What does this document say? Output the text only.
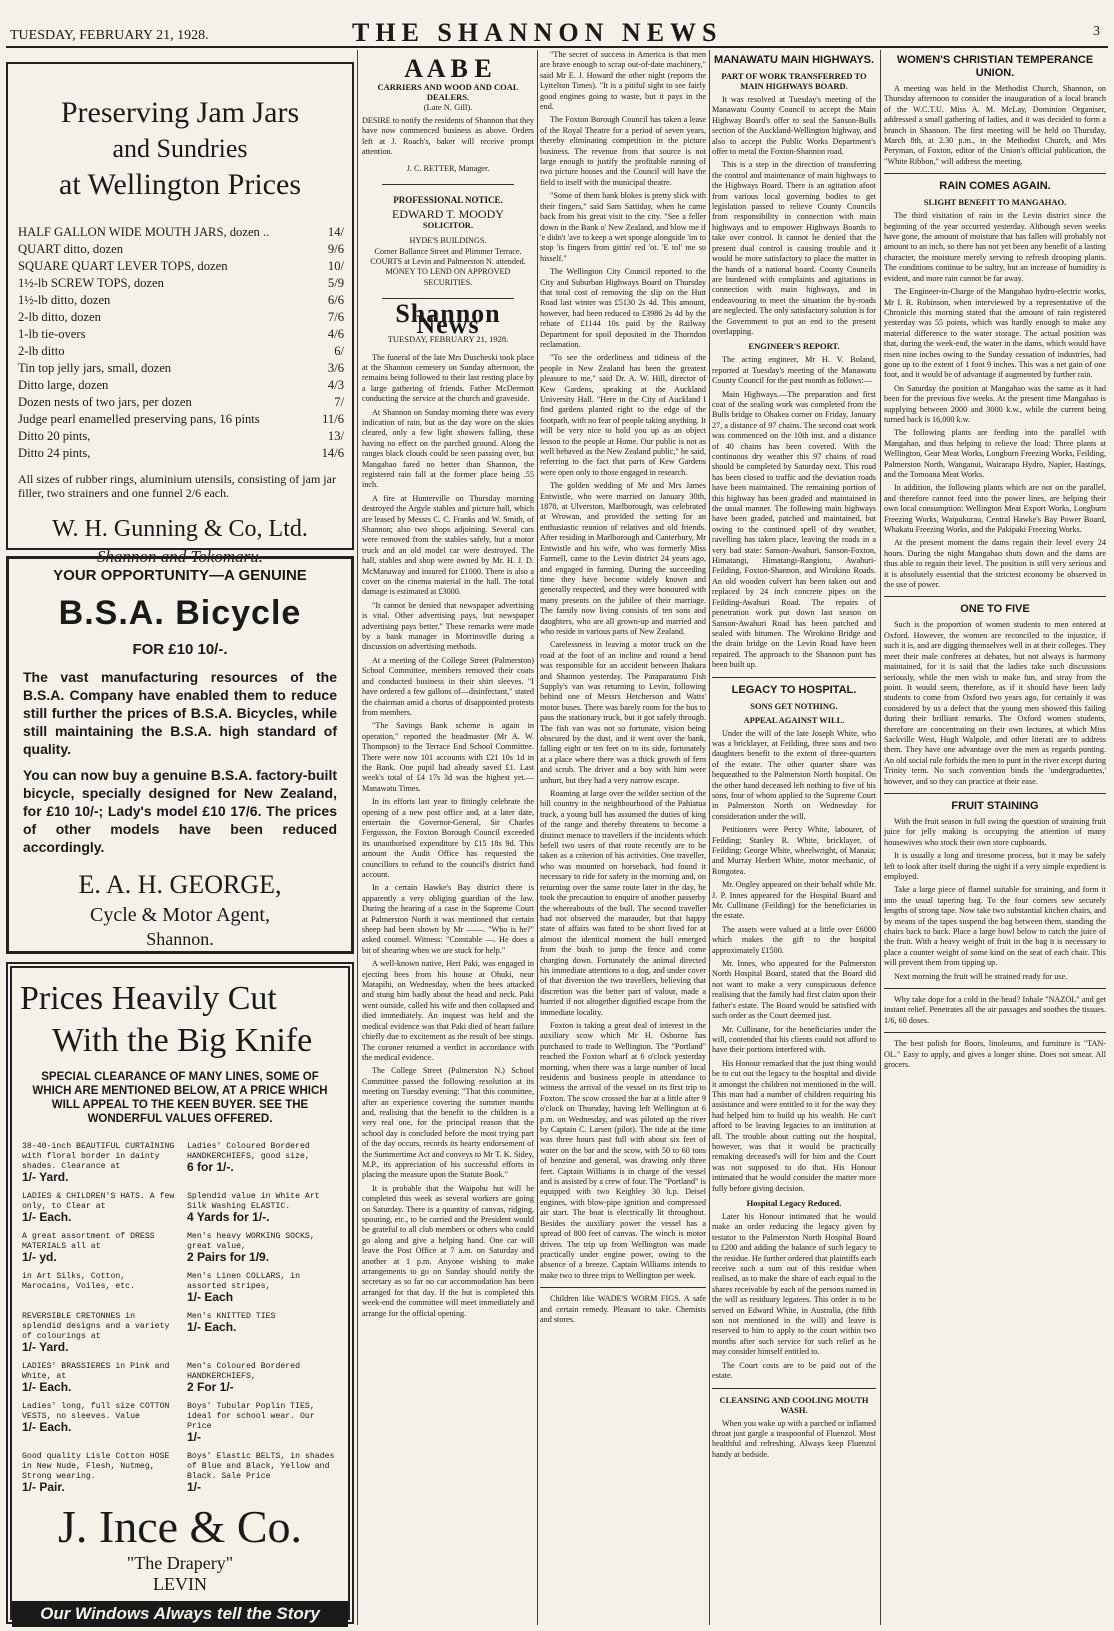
TUESDAY, FEBRUARY 21, 1928.	THE SHANNON NEWS	3
Preserving Jam Jars
and Sundries
at Wellington Prices
HALF GALLON WIDE MOUTH JARS, dozen ..	14/
QUART ditto, dozen	9/6
SQUARE QUART LEVER TOPS, dozen	10/
1½-lb SCREW TOPS, dozen	5/9
1½-lb ditto, dozen	6/6
2-lb ditto, dozen	7/6
1-lb tie-overs	4/6
2-lb ditto	6/
Tin top jelly jars, small, dozen	3/6
Ditto large, dozen	4/3
Dozen nests of two jars, per dozen	7/
Judge pearl enamelled preserving pans, 16 pints	11/6
Ditto 20 pints,	13/
Ditto 24 pints,	14/6
All sizes of rubber rings, aluminium utensils, consisting of jam jar filler, two strainers and one funnel 2/6 each.
W. H. Gunning & Co, Ltd.
Shannon and Tokomaru.
YOUR OPPORTUNITY—A GENUINE
B.S.A. Bicycle
FOR £10 10/-.
The vast manufacturing resources of the B.S.A. Company have enabled them to reduce still further the prices of B.S.A. Bicycles, while still maintaining the B.S.A. high standard of quality.
You can now buy a genuine B.S.A. factory-built bicycle, specially designed for New Zealand, for £10 10/-; Lady's model £10 17/6. The prices of other models have been reduced accordingly.
E. A. H. GEORGE,
Cycle & Motor Agent,
Shannon.
Prices Heavily Cut
With the Big Knife
SPECIAL CLEARANCE OF MANY LINES, SOME OF WHICH ARE MENTIONED BELOW, AT A PRICE WHICH WILL APPEAL TO THE KEEN BUYER. SEE THE WONDERFUL VALUES OFFERED.
38-40-inch BEAUTIFUL CURTAINING with floral border in dainty shades. Clearance at
1/- Yard.
Ladies' Coloured Bordered HANDKERCHIEFS, good size,
6 for 1/-.
LADIES & CHILDREN'S HATS. A few only, to Clear at
1/- Each.
Splendid value in White Art Silk Washing ELASTIC.
4 Yards for 1/-.
A great assortment of DRESS MATERIALS all at
1/- yd.
Men's heavy WORKING SOCKS, great value,
2 Pairs for 1/9.
in Art Silks, Cotton, Marocains, Voiles, etc.
Men's Linen COLLARS, in assorted stripes,
1/- Each
REVERSIBLE CRETONNES in splendid designs and a variety of colourings at
1/- Yard.
Men's KNITTED TIES
1/- Each.
LADIES' BRASSIERES in Pink and White, at
1/- Each.
Men's Coloured Bordered HANDKERCHIEFS,
2 For 1/-
Ladies' long, full size COTTON VESTS, no sleeves. Value
1/- Each.
Boys' Tubular Poplin TIES, ideal for school wear. Our Price
1/-
Good quality Lisle Cotton HOSE in New Nude, Flesh, Nutmeg, Strong wearing.
1/- Pair.
Boys' Elastic BELTS, in shades of Blue and Black, Yellow and Black. Sale Price
1/-
J. Ince & Co.
"The Drapery"
LEVIN
Our Windows Always tell the Story
A A B E
CARRIERS AND WOOD AND COAL DEALERS.
(Late N. Gill).
DESIRE to notify the residents of Shannon that they have now commenced business as above. Orders left at J. Roach's, baker will receive prompt attention.
J. C. RETTER, Manager.
PROFESSIONAL NOTICE.
EDWARD T. MOODY
SOLICITOR.
HYDE'S BUILDINGS.
Corner Ballance Street and Plimmer Terrace.
COURTS at Levin and Palmerston N. attended.
MONEY TO LEND ON APPROVED SECURITIES.
Shannon News
TUESDAY, FEBRUARY 21, 1928.

The funeral of the late Mrs Duscheski took place at the Shannon cemetery on Sunday afternoon, the remains being followed to their last resting place by a large gathering of friends. Father McDermott conducting the service at the church and graveside.

At Shannon on Sunday morning there was every indication of rain, but as the day wore on the skies cleared, only a few light showers falling, these having no effect on the parched ground. Along the ranges black clouds could be seen passing over, but Mangahao fared no better than Shannon, the registered rain fall at the former place being .55 inch.

A fire at Hunterville on Thursday morning destroyed the Argyle stables and picture hall, which are leased by Messrs C. C. Franks and W. Smith, of Shannon; also two shops adjoining. Several cars were removed from the stables safely, but a motor truck and an old model car were destroyed. The hall, stables and shop were owned by Mr. H. J. D. McManaway and insured for £1000. There is also a cover on the cinema material in the hall. The total damage is estimated at £3000.

"It cannot be denied that newspaper advertising is vital. Other advertising pays, but newspaper advertising pays better." These remarks were made by a bank manager in Morrinsville during a discussion on advertising methods.

At a meeting of the College Street (Palmerston) School Committee, members removed their coats and conducted business in their shirt sleeves. "I have ordered a few gallons of—disinfectant," stated the chairman amid a chorus of disappointed protests from members.

"The Savings Bank scheme is again in operation," reported the headmaster (Mr A. W. Thompson) to the Terrace End School Committee. There were now 101 accounts with £21 10s 1d in the Bank. One pupil had already saved £1. Last week's total of £4 17s 3d was the highest yet.—Manawatu Times.

In its efforts last year to fittingly celebrate the opening of a new post office and, at a later date, entertain the Governor-General, Sir Charles Fergusson, the Foxton Borough Council exceeded its unauthorised expenditure by £15 18s 9d. This amount the Audit Office has requested the councillors to refund to the council's district fund account.

In a certain Hawke's Bay district there is apparently a very obliging guardian of the law. During the hearing of a case in the Supreme Court at Palmerston North it was mentioned that certain sheep had been shown by Mr ——. "Who is he?" asked counsel. Witness: "Constable —. He does a bit of shearing when we are stuck for help."

A well-known native, Heri Paki, was engaged in ejecting bees from his house at Ohuki, near Matapihi, on Wednesday, when the bees attacked and stung him badly about the head and neck. Paki went outside, called his wife and then collapsed and died immediately. An inquest was held and the medical evidence was that Paki died of heart failure chiefly due to excitement as the result of bee stings. The coroner returned a verdict in accordance with the medical evidence.

The College Street (Palmerston N.) School Committee passed the following resolution at its meeting on Tuesday evening: "That this committee, after an experience covering the summer months and, realising that the benefit to the children is a very real one, for the principal reason that the school day is concluded before the most trying part of the day occurs, records its hearty endorsement of the Summertime Act and conveys to Mr T. K. Sidey, M.P., its appreciation of his successful efforts in placing the measure upon the Statute Book."

It is probable that the Waipohu hut will be completed this week as several workers are going on Saturday. There is a quantity of canvas, ridging, spouting, etc., to be carried and the President would be grateful to all club members or others who could go along and give a helping hand. One car will leave the Post Office at 7 a.m. on Saturday and another at 1 p.m. Anyone wishing to make arrangements to go on Sunday should notify the secretary as so far no car accommodation has been arranged for that day. If the hut is completed this week-end the committee will meet immediately and arrange for the official opening.

"The secret of success in America is that men are brave enough to scrap out-of-date machinery," said Mr E. J. Howard the other night (reports the Lyttelton Times). "It is a pitiful sight to see fairly good engines going to waste, but it pays in the end.

The Foxton Borough Council has taken a lease of the Royal Theatre for a period of seven years, thereby eliminating competition in the picture business. The revenue from that source is not large enough to justify the profitable running of two picture houses and the Council will have the field to itself with the municipal theatre.

"Some of them bank blokes is pretty slick with their fingers," said Sam Sattiday, when he came back from his great visit to the city. "See a feller down in the Bank o' New Zealand, and blow me if 'e didn't 'ave to keep a wet sponge alongside 'im to stop 'is fingers from gittin' red 'ot. 'E tol' me so hisself."

The Wellington City Council reported to the City and Suburban Highways Board on Thursday that total cost of removing the slip on the Hutt Road last winter was £5130 2s 4d. This amount, however, had been reduced to £3986 2s 4d by the rebate of £1144 10s paid by the Railway Department for spoil deposited in the Thorndon reclamation.

"To see the orderliness and tidiness of the people in New Zealand has been the greatest pleasure to me," said Dr. A. W. Hill, director of Kew Gardens, speaking at the Auckland University Hall. "Here in the City of Auckland I find gardens planted right to the edge of the footpath, with no fear of people taking anything. It will be very nice to hold you up as an object lesson to the people at Home. Our public is not as well behaved as the New Zealand public," he said, referring to the fact that parts of Kew Gardens were open only to those engaged in research.

The golden wedding of Mr and Mrs James Entwistle, who were married on January 30th, 1878, at Ulverston, Marlborough, was celebrated at Wrowan, and provided the setting for an enthusiastic reunion of relatives and old friends. After residing in Marlborough and Canterbury, Mr Entwistle and his wife, who was formerly Miss Farmell, came to the Levin district 24 years ago, and engaged in farming. During the succeeding time they have become widely known and generally respected, and they were honoured with many presents on the jubilee of their marriage. The family now living consists of ten sons and daughters, who are all grown-up and married and who reside in various parts of New Zealand.

Carelessness in leaving a motor truck on the road at the foot of an incline and round a bend was responsible for an accident between Ihakara and Shannon yesterday. The Paraparaumu Fish Supply's van was returning to Levin, following behind one of Messrs Hetcherson and Watts' motor buses. There was barely room for the bus to pass the stationary truck, but it got safely through. The fish van was not so fortunate, vision being obscured by the dust, and it went over the bank, falling eight or ten feet on to its side, fortunately at a place where there was a thick growth of fern and scrub. The driver and a boy with him were unhurt, but they had a very narrow escape.

Roaming at large over the wilder section of the hill country in the neighbourhood of the Pahiatua track, a young bull has assumed the duties of king of the range and thereby threatens to become a distinct menace to travellers if the incidents which befell two users of that route recently are to be taken as a criterion of his activities. One traveller, who was mounted on horseback, had found it necessary to ride for safety in the morning and, on returning over the same route later in the day, he took the precaution to enquire of another passerby the whereabouts of the bull. The second traveller had not observed the marauder, but that happy state of affairs was fated to be short lived for at almost the identical moment the bull emerged from the bush to jump the fence and come charging down. Fortunately the animal directed his immediate attentions to a dog, and under cover of that diversion the two travellers, believing that discretion was the better part of valour, made a hurried if not altogether dignified escape from the immediate locality.

Foxton is taking a great deal of interest in the auxiliary scow which Mr H. Osborne has purchased to trade to Wellington. The "Portland" reached the Foxton wharf at 6 o'clock yesterday morning, when there was a large number of local residents and business people in attendance to witness the arrival of the vessel on its first trip to Foxton. The scow crossed the bar at a little after 9 o'clock on Thursday, having left Wellington at 6 p.m. on Wednesday, and was piloted up the river by Captain C. Larsen (pilot). The tide at the time was three hours past full with about six feet of water on the bar and the scow, with 50 to 60 tons of benzine and general, was drawing only three feet. Captain Williams is in charge of the vessel and is assisted by a crew of four. The "Portland" is equipped with two Keighley 30 h.p. Deisel engines, with blow-pipe ignition and compressed air start. The boat is electrically lit throughout. Besides the auxiliary power the vessel has a spread of 800 feet of canvas. The winch is motor driven. The trip up from Wellington was made practically under engine power, owing to the absence of a breeze. Captain Williams intends to make two to three trips to Wellington per week.

Children like WADE'S WORM FIGS. A safe and certain remedy. Pleasant to take. Chemists and stores.

MANAWATU MAIN HIGHWAYS.
PART OF WORK TRANSFERRED TO MAIN HIGHWAYS BOARD.

It was resolved at Tuesday's meeting of the Manawatu County Council to accept the Main Highway Board's offer to seal the Sanson-Bulls section of the Auckland-Wellington highway, and also to accept the Public Works Department's offer to metal the Foxton-Shannon road.

This is a step in the direction of transferring the control and maintenance of main highways to the Highways Board. There is an agitation afoot from various local governing bodies to get legislation passed to relieve County Councils from responsibility in connection with main highways and to empower Highways Boards to take over control. It cannot be denied that the present dual control is causing trouble and it would be more satisfactory to place the matter in the hands of a national board. County Councils are burdened with complaints and agitations in connection with main highways, and in endeavouring to meet the situation the by-roads are neglected. The only satisfactory solution is for the Government to put an end to the present overlapping.

ENGINEER'S REPORT.

The acting engineer, Mr H. V. Boland, reported at Tuesday's meeting of the Manawatu County Council for the past month as follows:—

Main Highways.—The preparation and first coat of the sealing work was completed from the Bulls bridge to Ohakea corner on Friday, January 27, a distance of 97 chains. The second coat work was commenced on the 10th inst. and a distance of 40 chains has been covered. With the continuous dry weather this 97 chains of road should be completed by Saturday next. This road has been closed to traffic and the deviation roads have been maintained. The remaining portion of this highway has been graded and maintained in the usual manner. The following main highways have been graded, patched and maintained, but owing to the continued spell of dry weather, ravelling has taken place, leaving the roads in a very bad state: Sanson-Awahuri, Sanson-Foxton, Himatangi, Himatangi-Rangiotu, Awahuri-Feilding, Foxton-Shannon, and Wirokino Roads. An old wooden culvert has been taken out and replaced by 24 inch concrete pipes on the Feilding-Awahuri Road. The repairs of penetration work put down last season on Sanson-Awahuri Road has been patched and sealed with bitumen. The Wirokino Bridge and the drain bridge on the Levin Road have been repaired. The approach to the Shannon punt has been built up.

LEGACY TO HOSPITAL.
SONS GET NOTHING.
APPEAL AGAINST WILL.

Under the will of the late Joseph White, who was a bricklayer, at Feilding, three sons and two daughters benefit to the extent of three-quarters of the estate. The other quarter share was bequeathed to the Palmerston North hospital. On the other hand deceased left nothing to five of his sons, four of whom applied to the Supreme Court in Palmerston North on Wednesday for consideration under the will.

Petitioners were Percy White, labourer, of Feilding; Stanley R. White, bricklayer, of Feilding; George White, wheelwright, of Manaia; and Murray Herbert White, motor mechanic, of Rongotea.

Mr. Ongley appeared on their behalf while Mr. J. P. Innes appeared for the Hospital Board and Mr. Cullinane (Feilding) for the beneficiaries in the estate.

The assets were valued at a little over £6000 which makes the gift to the hospital approximately £1500.

Mr. Innes, who appeared for the Palmerston North Hospital Board, stated that the Board did not want to make a very conspicuous defence realising that the family had first claim upon their father's estate. The Board would be satisfied with such order as the Court deemed just.

Mr. Cullinane, for the beneficiaries under the will, contended that his clients could not afford to have their portions interfered with.

His Honour remarked that the just thing would be to cut out the legacy to the hospital and divide it amongst the children not mentioned in the will. This man had a number of children requiring his assistance and were entitled to it for the way they had helped him to build up his wealth. He can't afford to be leaving legacies to an institution at all. The trouble about cutting out the hospital, however, was that it would be practically remaking deceased's will for him and the Court was not supposed to do that. His Honour intimated that he would consider the matter more fully before giving decision.

Hospital Legacy Reduced.

Later his Honour intimated that he would make an order reducing the legacy given by testator to the Palmerston North Hospital Board to £200 and adding the balance of such legacy to the residue. He further ordered that plaintiffs each receive such a sum out of this residue when realised, as to make the share of each equal to the shares receivable by each of the persons named in the will as residuary legatees. This order is to be served on Edward White, in Australia, (the fifth son not mentioned in the will) and leave is reserved to him to apply to the court within two months after such service for such relief as he may consider himself entitled to.

The Court costs are to be paid out of the estate.

CLEANSING AND COOLING MOUTH WASH.

When you wake up with a parched or inflamed throat just gargle a teaspoonful of Fluenzol. Most healthful and refreshing. Always keep Fluenzol handy at bedside.

WOMEN'S CHRISTIAN TEMPERANCE UNION.

A meeting was held in the Methodist Church, Shannon, on Thursday afternoon to consider the inauguration of a local branch of the W.C.T.U. Miss A. M. McLay, Dominion Organiser, addressed a small gathering of ladies, and it was decided to form a branch in Shannon. The first meeting will be held on Thursday, March 8th, at 2.30 p.m., in the Methodist Church, and Mrs Peryman, of Foxton, editor of the Union's official publication, the "White Ribbon," will address the meeting.

RAIN COMES AGAIN.
SLIGHT BENEFIT TO MANGAHAO.

The third visitation of rain in the Levin district since the beginning of the year occurred yesterday. Although seven weeks have gone, the amount of moisture that has fallen will probably not amount to an inch, so there has not yet been any benefit of a lasting character, the moisture merely serving to refresh drooping plants. The conditions continue to be sultry, but an increase of humidity is evident, and more rain cannot be far away.

The Engineer-in-Charge of the Mangahao hydro-electric works, Mr I. R. Robinson, when interviewed by a representative of the Chronicle this morning stated that the amount of rain registered yesterday was 55 points, which was hardly enough to make any material difference to the water storage. The actual position was that, during the week-end, the water in the dams, which would have risen nine inches owing to the Sunday cessation of industries, had gone up to the extent of 1 foot 9 inches. This was a net gain of one foot, and it would be of advantage if augmented by further rain.

On Saturday the position at Mangahao was the same as it had been for the previous five weeks. At the present time Mangahao is supplying between 2000 and 3000 k.w., while the current being turned back is 16,000 k.w.

The following plants are feeding into the parallel with Mangahao, and thus helping to relieve the load: Three plants at Wellington, Gear Meat Works, Longburn Freezing Works, Feilding, Palmerston North, Wanganui, Wairarapa Hydro, Napier, Hastings, and the Tomoana Meat Works.

In addition, the following plants which are not on the parallel, and therefore cannot feed into the power lines, are helping their own local consumption: Wellington Meat Export Works, Longburn Freezing Works, Waipukurau, Central Hawke's Bay Power Board, Whakatu Freezing Works, and the Pakipaki Freezing Works.

At the present moment the dams regain their level every 24 hours. During the night Mangahao shuts down and the dams are thus able to regain their level. The position is still very serious and it is absolutely essential that the strictest economy be observed in the use of power.

ONE TO FIVE

Such is the proportion of women students to men entered at Oxford. However, the women are reconciled to the injustice, if such it is, and are digging themselves well in at their colleges. They meet their male confreres at debates, but not always is harmony maintained, for it is said that the ladies take such discussions seriously, while the men wish to make fun, and stray from the point. It would seem, therefore, as if it should have been lady students to come from Oxford two years ago, for certainly it was considered by us a defect that the young men showed this failing during their brilliant remarks. The Oxford women students, therefore are concentrating on their own lectures, at which Miss Sackville West, Hugh Walpole, and other literati are to address them. They have one advantage over the men as regards punting. An old social rule forbids the men to punt in the river except during Trinity term. No such convention binds the 'undergraduettes,' however, and so they can practice at their ease.

FRUIT STAINING

With the fruit season in full swing the question of straining fruit juice for jelly making is occupying the attention of many housewives who stock their own store cupboards.

It is usually a long and tiresome process, but it may be safely left to look after itself during the night if a very simple expedient is employed.

Take a large piece of flannel suitable for straining, and form it into the usual tapering bag. To the four corners sew securely lengths of strong tape. Now take two substantial kitchen chairs, and by means of the tapes suspend the bag between them, standing the chairs back to back. Place a large bowl below to catch the juice of the fruit. With a heavy weight of fruit in the bag it is necessary to place a counter weight of some kind on the seat of each chair. This will prevent them from tipping up.

Next morning the fruit will be strained ready for use.

Why take dope for a cold in the head? Inhale "NAZOL" and get instant relief. Penetrates all the air passages and soothes the tissues. 1/6, 60 doses.

The best polish for floors, linoleums, and furniture is "TAN-OL." Easy to apply, and gives a longer shine. Does not smear. All grocers.
